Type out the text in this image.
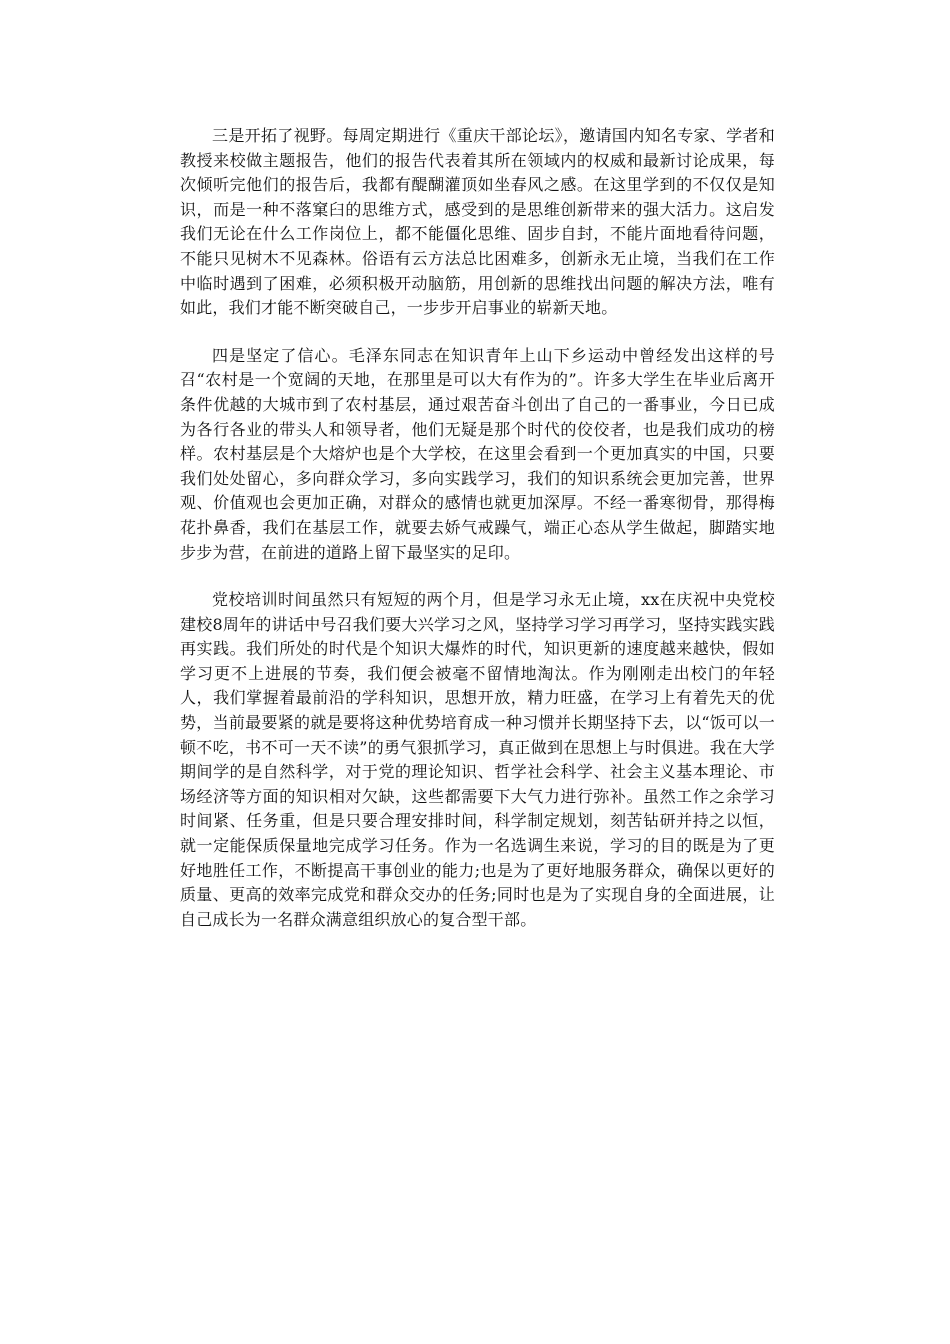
三是开拓了视野。每周定期进行《重庆干部论坛》，邀请国内知名专家、学者和教授来校做主题报告，他们的报告代表着其所在领域内的权威和最新讨论成果，每次倾听完他们的报告后，我都有醍醐灌顶如坐春风之感。在这里学到的不仅仅是知识，而是一种不落窠臼的思维方式，感受到的是思维创新带来的强大活力。这启发我们无论在什么工作岗位上，都不能僵化思维、固步自封，不能片面地看待问题，不能只见树木不见森林。俗语有云方法总比困难多，创新永无止境，当我们在工作中临时遇到了困难，必须积极开动脑筋，用创新的思维找出问题的解决方法，唯有如此，我们才能不断突破自己，一步步开启事业的崭新天地。

四是坚定了信心。毛泽东同志在知识青年上山下乡运动中曾经发出这样的号召“农村是一个宽阔的天地，在那里是可以大有作为的”。许多大学生在毕业后离开条件优越的大城市到了农村基层，通过艰苦奋斗创出了自己的一番事业，今日已成为各行各业的带头人和领导者，他们无疑是那个时代的佼佼者，也是我们成功的榜样。农村基层是个大熔炉也是个大学校，在这里会看到一个更加真实的中国，只要我们处处留心，多向群众学习，多向实践学习，我们的知识系统会更加完善，世界观、价值观也会更加正确，对群众的感情也就更加深厚。不经一番寒彻骨，那得梅花扑鼻香，我们在基层工作，就要去娇气戒躁气，端正心态从学生做起，脚踏实地步步为营，在前进的道路上留下最坚实的足印。

党校培训时间虽然只有短短的两个月，但是学习永无止境，xx在庆祝中央党校建校8周年的讲话中号召我们要大兴学习之风，坚持学习学习再学习，坚持实践实践再实践。我们所处的时代是个知识大爆炸的时代，知识更新的速度越来越快，假如学习更不上进展的节奏，我们便会被毫不留情地淘汰。作为刚刚走出校门的年轻人，我们掌握着最前沿的学科知识，思想开放，精力旺盛，在学习上有着先天的优势，当前最要紧的就是要将这种优势培育成一种习惯并长期坚持下去，以“饭可以一顿不吃，书不可一天不读”的勇气狠抓学习，真正做到在思想上与时俱进。我在大学期间学的是自然科学，对于党的理论知识、哲学社会科学、社会主义基本理论、市场经济等方面的知识相对欠缺，这些都需要下大气力进行弥补。虽然工作之余学习时间紧、任务重，但是只要合理安排时间，科学制定规划，刻苦钻研并持之以恒，就一定能保质保量地完成学习任务。作为一名选调生来说，学习的目的既是为了更好地胜任工作，不断提高干事创业的能力;也是为了更好地服务群众，确保以更好的质量、更高的效率完成党和群众交办的任务;同时也是为了实现自身的全面进展，让自己成长为一名群众满意组织放心的复合型干部。
